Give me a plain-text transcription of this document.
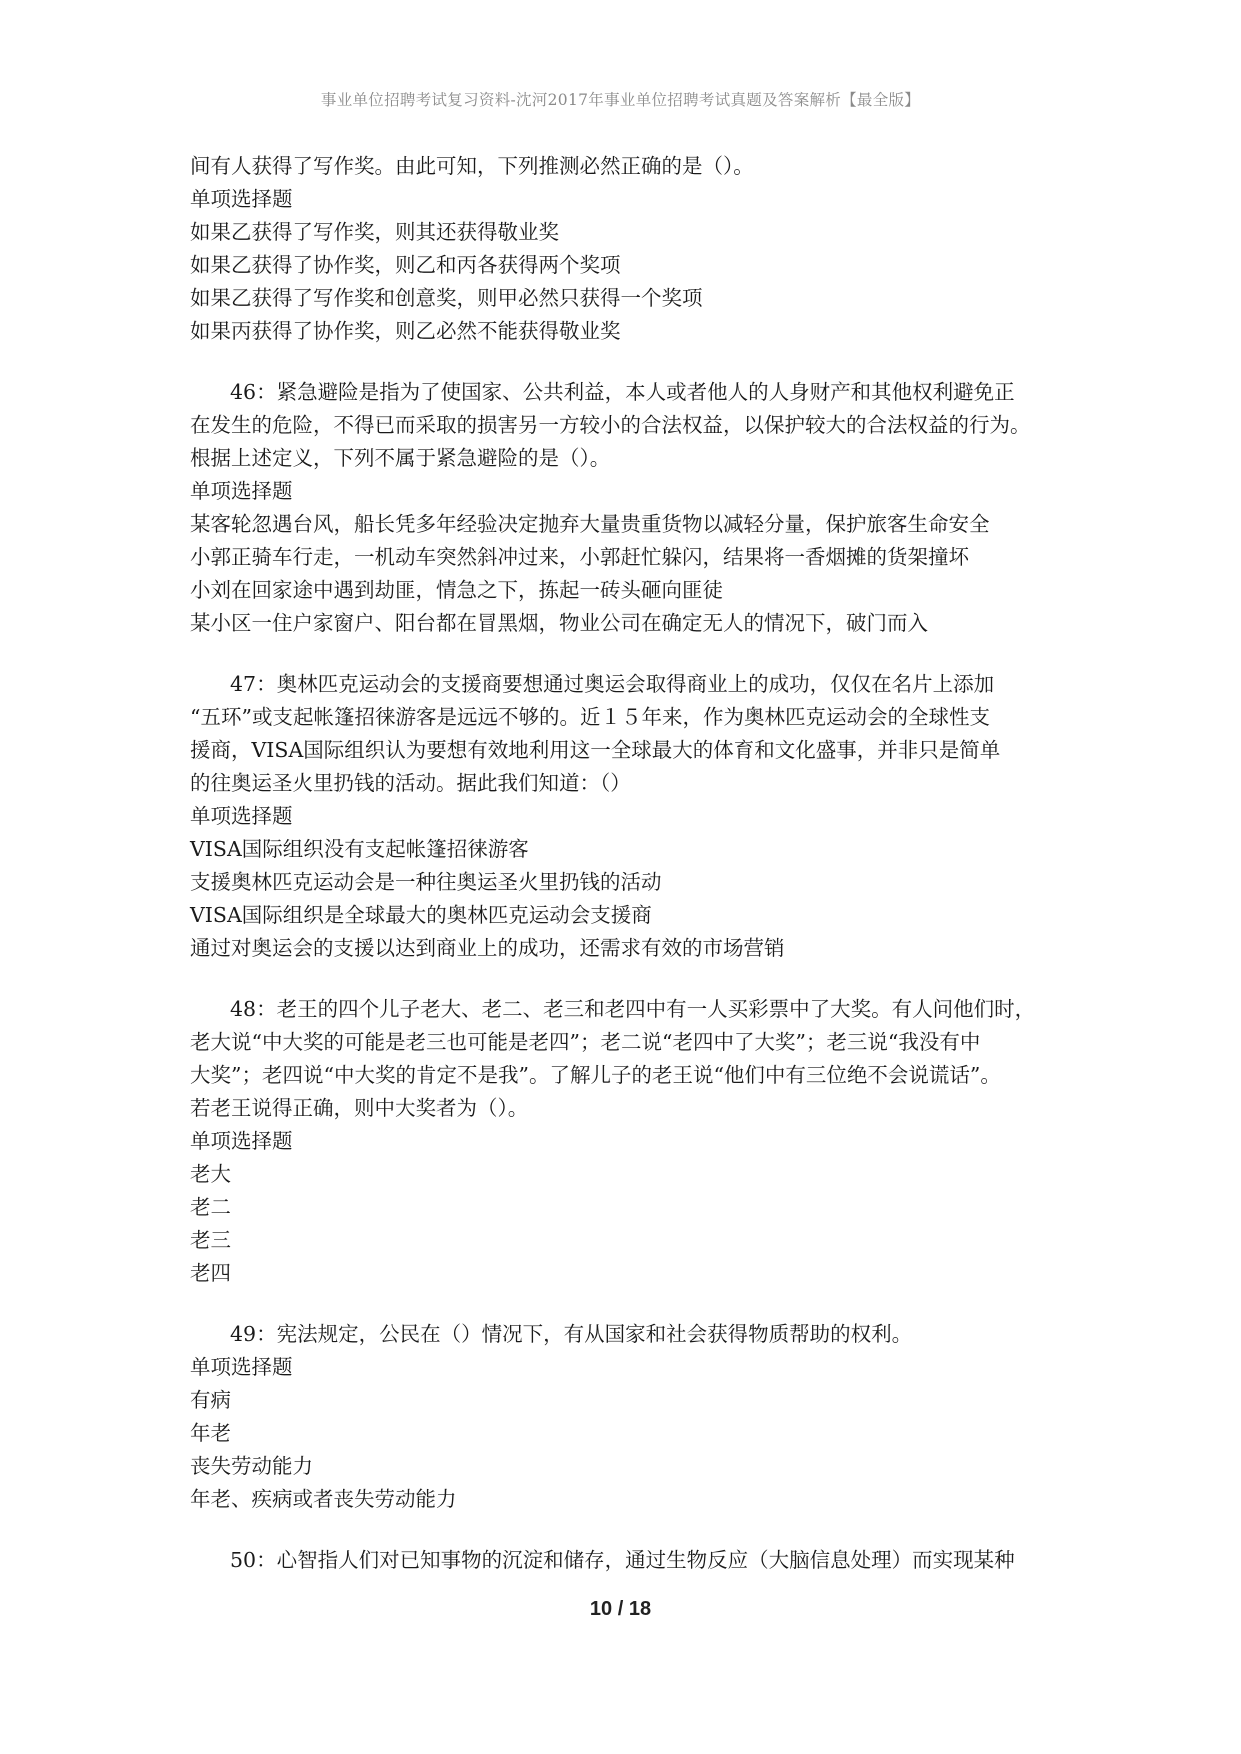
事业单位招聘考试复习资料-沈河2017年事业单位招聘考试真题及答案解析【最全版】
间有人获得了写作奖。由此可知，下列推测必然正确的是（）。
单项选择题
如果乙获得了写作奖，则其还获得敬业奖
如果乙获得了协作奖，则乙和丙各获得两个奖项
如果乙获得了写作奖和创意奖，则甲必然只获得一个奖项
如果丙获得了协作奖，则乙必然不能获得敬业奖
46：紧急避险是指为了使国家、公共利益，本人或者他人的人身财产和其他权利避免正
在发生的危险，不得已而采取的损害另一方较小的合法权益，以保护较大的合法权益的行为。
根据上述定义，下列不属于紧急避险的是（）。
单项选择题
某客轮忽遇台风，船长凭多年经验决定抛弃大量贵重货物以减轻分量，保护旅客生命安全
小郭正骑车行走，一机动车突然斜冲过来，小郭赶忙躲闪，结果将一香烟摊的货架撞坏
小刘在回家途中遇到劫匪，情急之下，拣起一砖头砸向匪徒
某小区一住户家窗户、阳台都在冒黑烟，物业公司在确定无人的情况下，破门而入
47：奥林匹克运动会的支援商要想通过奥运会取得商业上的成功，仅仅在名片上添加
“五环”或支起帐篷招徕游客是远远不够的。近１５年来，作为奥林匹克运动会的全球性支
援商，VISA国际组织认为要想有效地利用这一全球最大的体育和文化盛事，并非只是简单
的往奥运圣火里扔钱的活动。据此我们知道：（）
单项选择题
VISA国际组织没有支起帐篷招徕游客
支援奥林匹克运动会是一种往奥运圣火里扔钱的活动
VISA国际组织是全球最大的奥林匹克运动会支援商
通过对奥运会的支援以达到商业上的成功，还需求有效的市场营销
48：老王的四个儿子老大、老二、老三和老四中有一人买彩票中了大奖。有人问他们时，
老大说“中大奖的可能是老三也可能是老四”；老二说“老四中了大奖”；老三说“我没有中
大奖”；老四说“中大奖的肯定不是我”。了解儿子的老王说“他们中有三位绝不会说谎话”。
若老王说得正确，则中大奖者为（）。
单项选择题
老大
老二
老三
老四
49：宪法规定，公民在（）情况下，有从国家和社会获得物质帮助的权利。
单项选择题
有病
年老
丧失劳动能力
年老、疾病或者丧失劳动能力
50：心智指人们对已知事物的沉淀和储存，通过生物反应（大脑信息处理）而实现某种
10 / 18
